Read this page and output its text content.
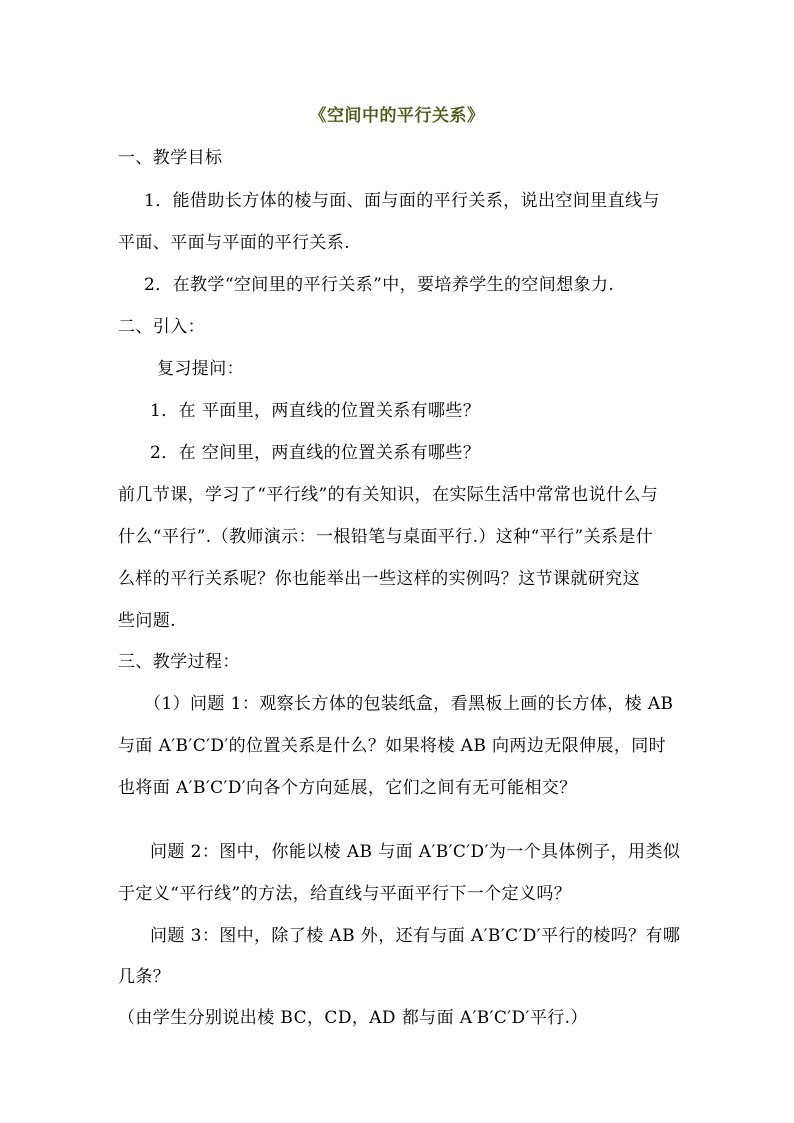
《空间中的平行关系》
一、教学目标
1．能借助长方体的棱与面、面与面的平行关系，说出空间里直线与
平面、平面与平面的平行关系.
2．在教学“空间里的平行关系”中，要培养学生的空间想象力.
二、引入：
复习提问：
1．在 平面里，两直线的位置关系有哪些？
2．在 空间里，两直线的位置关系有哪些？
前几节课，学习了“平行线”的有关知识，在实际生活中常常也说什么与
什么“平行”.（教师演示：一根铅笔与桌面平行.）这种“平行”关系是什
么样的平行关系呢？你也能举出一些这样的实例吗？这节课就研究这
些问题.
三、教学过程：
（1）问题 1：观察长方体的包装纸盒，看黑板上画的长方体，棱 AB
与面 A′B′C′D′的位置关系是什么？如果将棱 AB 向两边无限伸展，同时
也将面 A′B′C′D′向各个方向延展，它们之间有无可能相交？
问题 2：图中，你能以棱 AB 与面 A′B′C′D′为一个具体例子，用类似
于定义“平行线”的方法，给直线与平面平行下一个定义吗？
问题 3：图中，除了棱 AB 外，还有与面 A′B′C′D′平行的棱吗？有哪
几条？
（由学生分别说出棱 BC，CD，AD 都与面 A′B′C′D′平行.）
